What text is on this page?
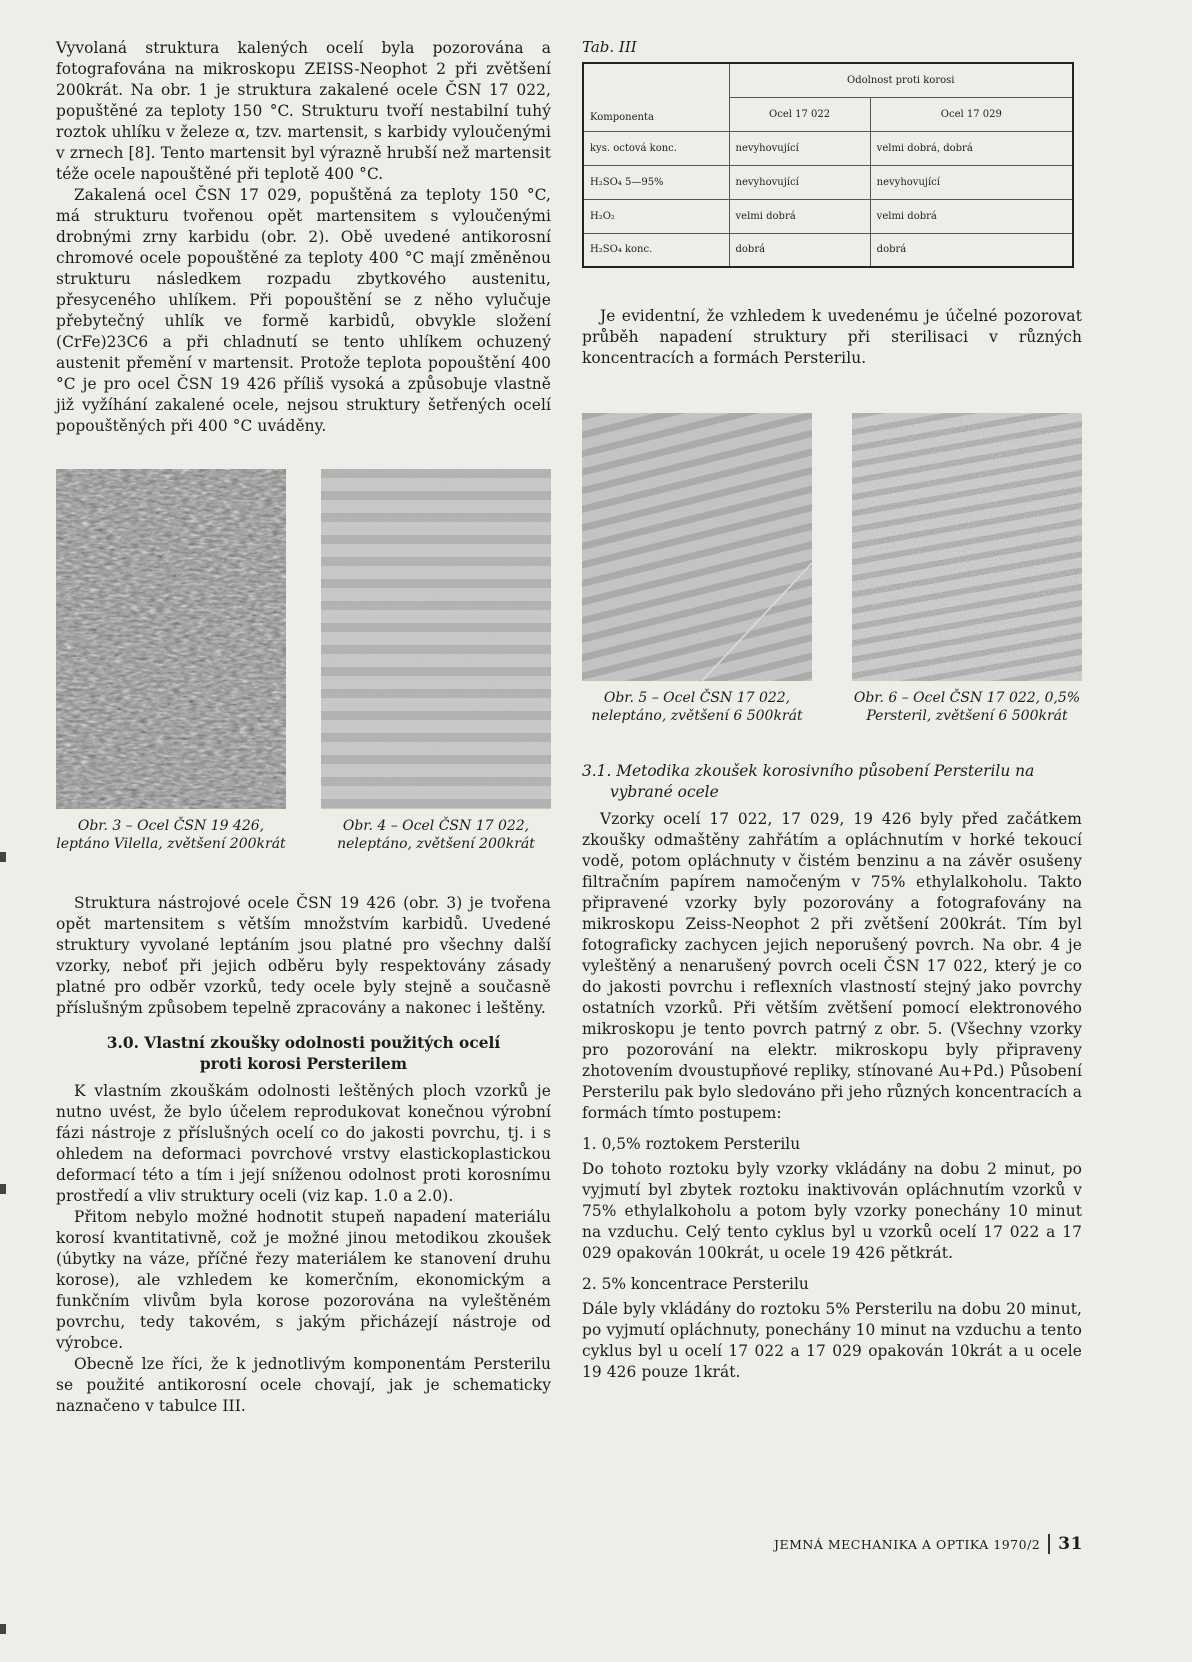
Vyvolaná struktura kalených ocelí byla pozorována a fotografována na mikroskopu ZEISS-Neophot 2 při zvětšení 200krát. Na obr. 1 je struktura zakalené ocele ČSN 17 022, popuštěné za teploty 150 °C. Strukturu tvoří nestabilní tuhý roztok uhlíku v železe α, tzv. martensit, s karbidy vyloučenými v zrnech [8]. Tento martensit byl výrazně hrubší než martensit téže ocele napouštěné při teplotě 400 °C.

Zakalená ocel ČSN 17 029, popuštěná za teploty 150 °C, má strukturu tvořenou opět martensitem s vyloučenými drobnými zrny karbidu (obr. 2). Obě uvedené antikorosní chromové ocele popouštěné za teploty 400 °C mají změněnou strukturu následkem rozpadu zbytkového austenitu, přesyceného uhlíkem. Při popouštění se z něho vylučuje přebytečný uhlík ve formě karbidů, obvykle složení (CrFe)23C6 a při chladnutí se tento uhlíkem ochuzený austenit přemění v martensit. Protože teplota popouštění 400 °C je pro ocel ČSN 19 426 příliš vysoká a způsobuje vlastně již vyžíhání zakalené ocele, nejsou struktury šetřených ocelí popouštěných při 400 °C uváděny.

Obr. 3 – Ocel ČSN 19 426, leptáno Vilella, zvětšení 200krát
Obr. 4 – Ocel ČSN 17 022, neleptáno, zvětšení 200krát

Struktura nástrojové ocele ČSN 19 426 (obr. 3) je tvořena opět martensitem s větším množstvím karbidů. Uvedené struktury vyvolané leptáním jsou platné pro všechny další vzorky, neboť při jejich odběru byly respektovány zásady platné pro odběr vzorků, tedy ocele byly stejně a současně příslušným způsobem tepelně zpracovány a nakonec i leštěny.

3.0. Vlastní zkoušky odolnosti použitých ocelí
proti korosi Persterilem

K vlastním zkouškám odolnosti leštěných ploch vzorků je nutno uvést, že bylo účelem reprodukovat konečnou výrobní fázi nástroje z příslušných ocelí co do jakosti povrchu, tj. i s ohledem na deformaci povrchové vrstvy elastickoplastickou deformací této a tím i její sníženou odolnost proti korosnímu prostředí a vliv struktury oceli (viz kap. 1.0 a 2.0).

Přitom nebylo možné hodnotit stupeň napadení materiálu korosí kvantitativně, což je možné jinou metodikou zkoušek (úbytky na váze, příčné řezy materiálem ke stanovení druhu korose), ale vzhledem ke komerčním, ekonomickým a funkčním vlivům byla korose pozorována na vyleštěném povrchu, tedy takovém, s jakým přicházejí nástroje od výrobce.

Obecně lze říci, že k jednotlivým komponentám Persterilu se použité antikorosní ocele chovají, jak je schematicky naznačeno v tabulce III.

Tab. III
Komponenta	Odolnost proti korosi	
	Ocel 17 022	Ocel 17 029
kys. octová konc.	nevyhovující	velmi dobrá, dobrá
H₂SO₄ 5—95%	nevyhovující	nevyhovující
H₂O₂	velmi dobrá	velmi dobrá
H₂SO₄ konc.	dobrá	dobrá

Je evidentní, že vzhledem k uvedenému je účelné pozorovat průběh napadení struktury při sterilisaci v různých koncentracích a formách Persterilu.

Obr. 5 – Ocel ČSN 17 022, neleptáno, zvětšení 6 500krát
Obr. 6 – Ocel ČSN 17 022, 0,5% Persteril, zvětšení 6 500krát
3.1. Metodika zkoušek korosivního působení Persterilu na vybrané ocele

Vzorky ocelí 17 022, 17 029, 19 426 byly před začátkem zkoušky odmaštěny zahřátím a opláchnutím v horké tekoucí vodě, potom opláchnuty v čistém benzinu a na závěr osušeny filtračním papírem namočeným v 75% ethylalkoholu. Takto připravené vzorky byly pozorovány a fotografovány na mikroskopu Zeiss-Neophot 2 při zvětšení 200krát. Tím byl fotograficky zachycen jejich neporušený povrch. Na obr. 4 je vyleštěný a nenarušený povrch oceli ČSN 17 022, který je co do jakosti povrchu i reflexních vlastností stejný jako povrchy ostatních vzorků. Při větším zvětšení pomocí elektronového mikroskopu je tento povrch patrný z obr. 5. (Všechny vzorky pro pozorování na elektr. mikroskopu byly připraveny zhotovením dvoustupňové repliky, stínované Au+Pd.) Působení Persterilu pak bylo sledováno při jeho různých koncentracích a formách tímto postupem:

1. 0,5% roztokem Persterilu

Do tohoto roztoku byly vzorky vkládány na dobu 2 minut, po vyjmutí byl zbytek roztoku inaktivován opláchnutím vzorků v 75% ethylalkoholu a potom byly vzorky ponechány 10 minut na vzduchu. Celý tento cyklus byl u vzorků ocelí 17 022 a 17 029 opakován 100krát, u ocele 19 426 pětkrát.

2. 5% koncentrace Persterilu

Dále byly vkládány do roztoku 5% Persterilu na dobu 20 minut, po vyjmutí opláchnuty, ponechány 10 minut na vzduchu a tento cyklus byl u ocelí 17 022 a 17 029 opakován 10krát a u ocele 19 426 pouze 1krát.

JEMNÁ MECHANIKA A OPTIKA 1970/2 31
